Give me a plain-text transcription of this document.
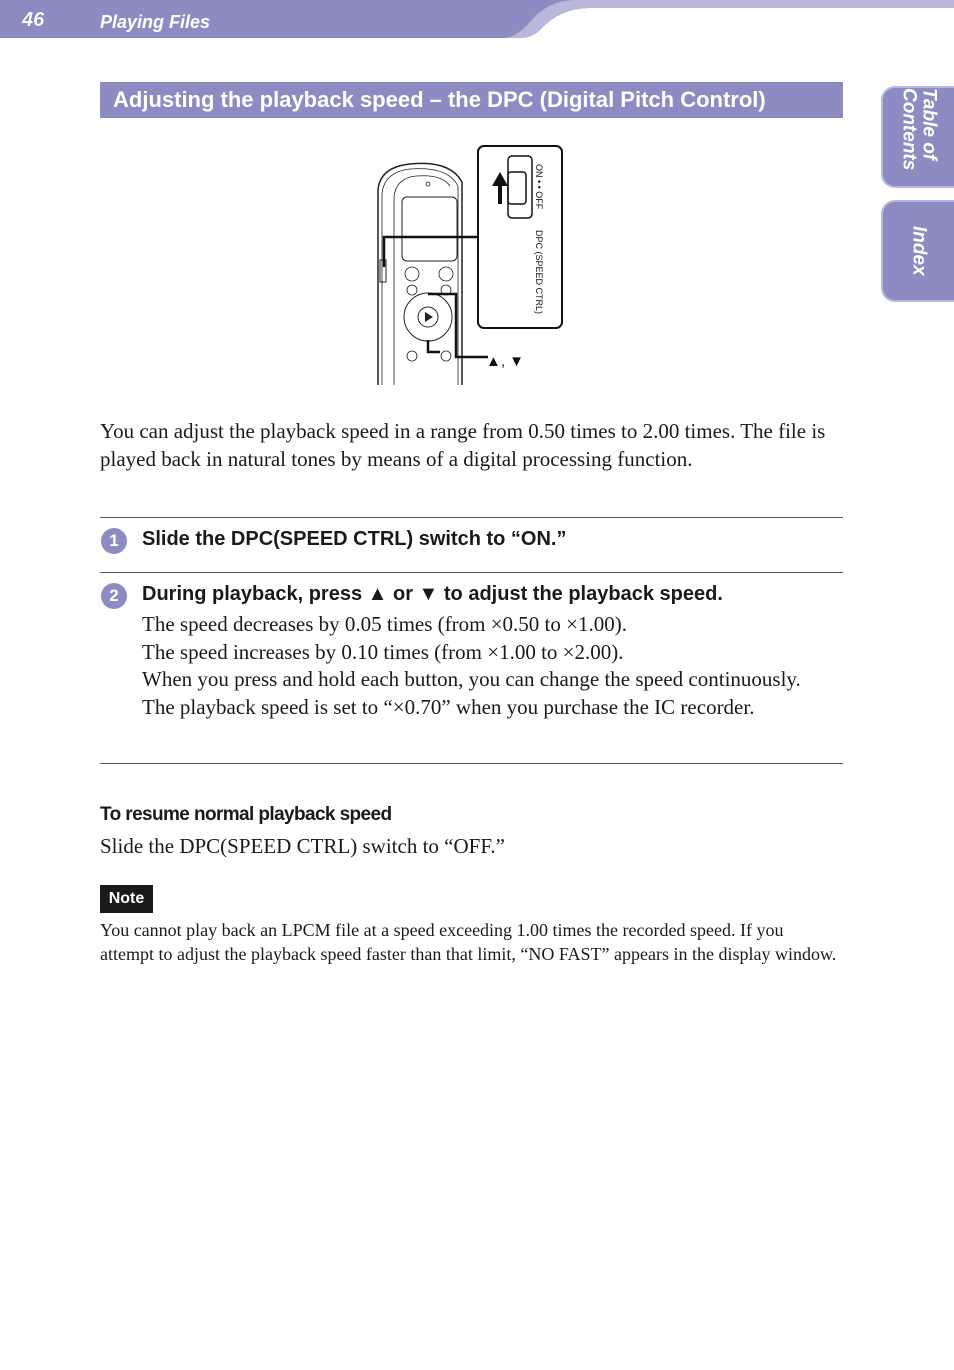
46	Playing Files
Table of Contents
Index
Adjusting the playback speed – the DPC (Digital Pitch Control) function
ON • • OFF
DPC (SPEED CTRL)
▲, ▼
You can adjust the playback speed in a range from 0.50 times to 2.00 times. The file is played back in natural tones by means of a digital processing function.
1	Slide the DPC(SPEED CTRL) switch to “ON.”
2	During playback, press ▲ or ▼ to adjust the playback speed.
The speed decreases by 0.05 times (from ×0.50 to ×1.00).
The speed increases by 0.10 times (from ×1.00 to ×2.00).
When you press and hold each button, you can change the speed continuously.
The playback speed is set to “×0.70” when you purchase the IC recorder.
To resume normal playback speed
Slide the DPC(SPEED CTRL) switch to “OFF.”
Note
You cannot play back an LPCM file at a speed exceeding 1.00 times the recorded speed. If you attempt to adjust the playback speed faster than that limit, “NO FAST” appears in the display window.
